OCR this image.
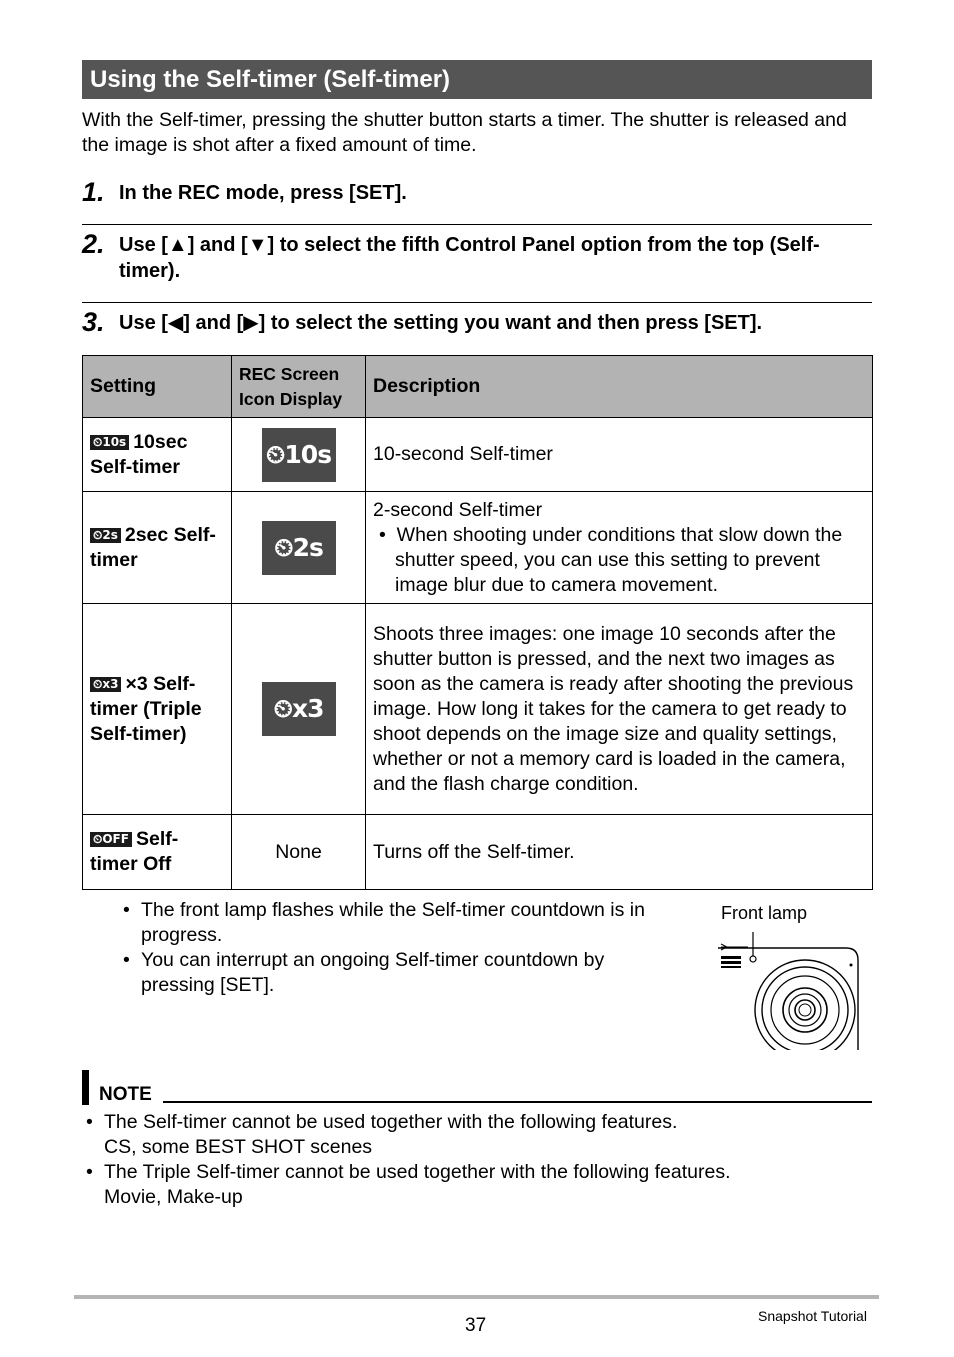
Using the Self-timer (Self-timer)
With the Self-timer, pressing the shutter button starts a timer. The shutter is released and the image is shot after a fixed amount of time.
1. In the REC mode, press [SET].
2. Use [▲] and [▼] to select the fifth Control Panel option from the top (Self-timer).
3. Use [◀] and [▶] to select the setting you want and then press [SET].
Setting	REC Screen Icon Display	Description
⏲10s 10sec Self-timer	⏲10s	10-second Self-timer
⏲2s 2sec Self-timer	⏲2s	2-second Self-timer
•  When shooting under conditions that slow down the shutter speed, you can use this setting to prevent image blur due to camera movement.

⏲x3 ×3 Self-timer (Triple Self-timer)	⏲x3	Shoots three images: one image 10 seconds after the shutter button is pressed, and the next two images as soon as the camera is ready after shooting the previous image. How long it takes for the camera to get ready to shoot depends on the image size and quality settings, whether or not a memory card is loaded in the camera, and the flash charge condition.
⏲OFF Self-timer Off	None	Turns off the Self-timer.
• The front lamp flashes while the Self-timer countdown is in progress.
• You can interrupt an ongoing Self-timer countdown by pressing [SET].
Front lamp
NOTE
• The Self-timer cannot be used together with the following features.
CS, some BEST SHOT scenes
• The Triple Self-timer cannot be used together with the following features.
Movie, Make-up
37	Snapshot Tutorial
